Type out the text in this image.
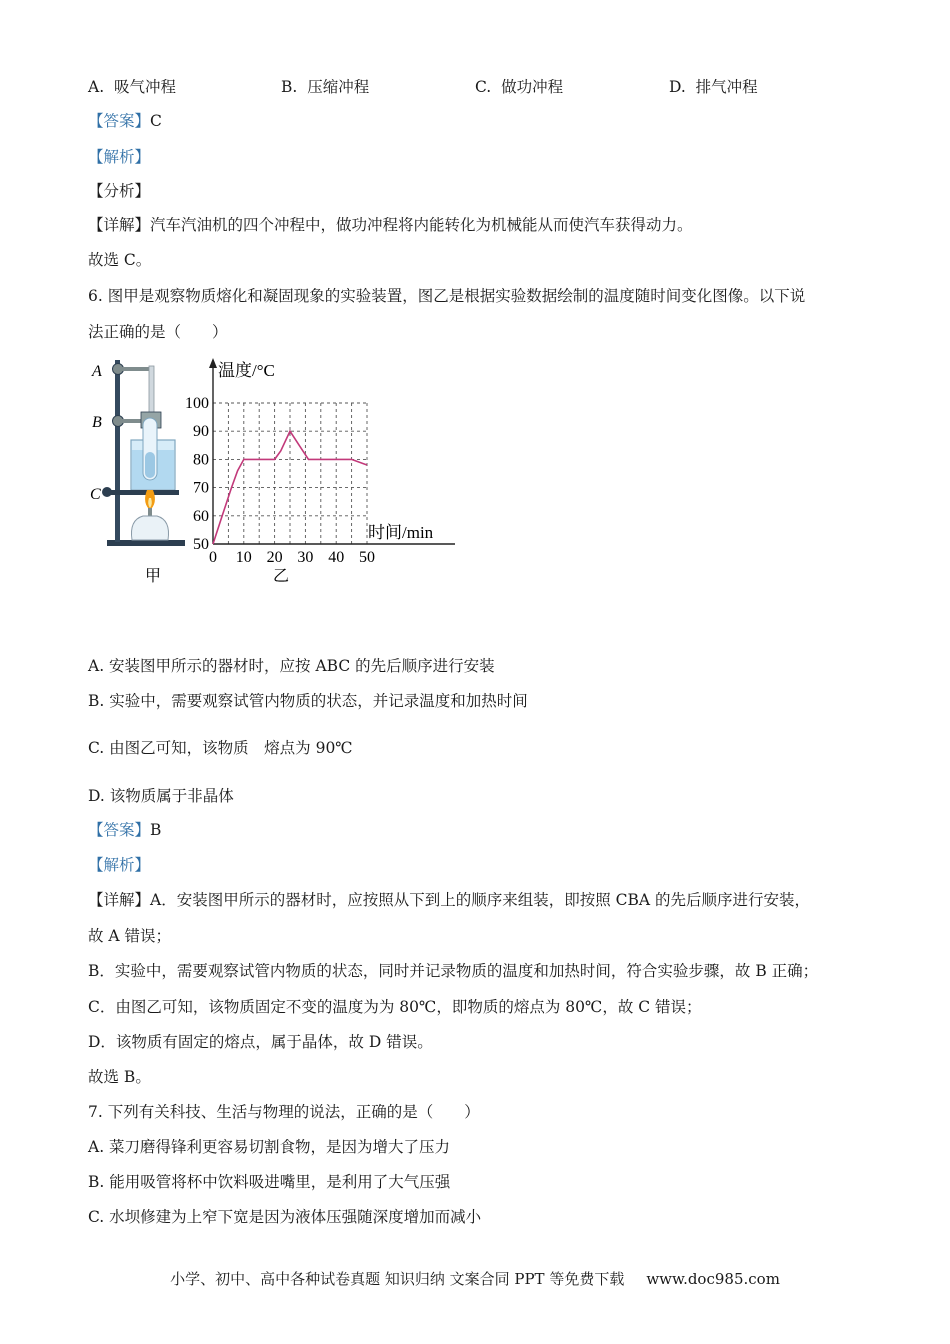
A. 吸气冲程	B. 压缩冲程	C. 做功冲程	D. 排气冲程
【答案】C
【解析】
【分析】
【详解】汽车汽油机的四个冲程中，做功冲程将内能转化为机械能从而使汽车获得动力。
故选 C。
6. 图甲是观察物质熔化和凝固现象的实验装置，图乙是根据实验数据绘制的温度随时间变化图像。以下说
法正确的是（　　）
A
B
C
甲
0 10 20 30 40 50
50
60
70
80
90
100
温度/°C
时间/min
乙
A. 安装图甲所示的器材时，应按 ABC 的先后顺序进行安装
B. 实验中，需要观察试管内物质的状态，并记录温度和加热时间
C. 由图乙可知，该物质　熔点为 90℃
D. 该物质属于非晶体
【答案】B
【解析】
【详解】A．安装图甲所示的器材时，应按照从下到上的顺序来组装，即按照 CBA 的先后顺序进行安装，
故 A 错误；
B．实验中，需要观察试管内物质的状态，同时并记录物质的温度和加热时间，符合实验步骤，故 B 正确；
C．由图乙可知，该物质固定不变的温度为为 80℃，即物质的熔点为 80℃，故 C 错误；
D．该物质有固定的熔点，属于晶体，故 D 错误。
故选 B。
7. 下列有关科技、生活与物理的说法，正确的是（　　）
A. 菜刀磨得锋利更容易切割食物，是因为增大了压力
B. 能用吸管将杯中饮料吸进嘴里，是利用了大气压强
C. 水坝修建为上窄下宽是因为液体压强随深度增加而减小
小学、初中、高中各种试卷真题 知识归纳 文案合同 PPT 等免费下载 www.doc985.com
